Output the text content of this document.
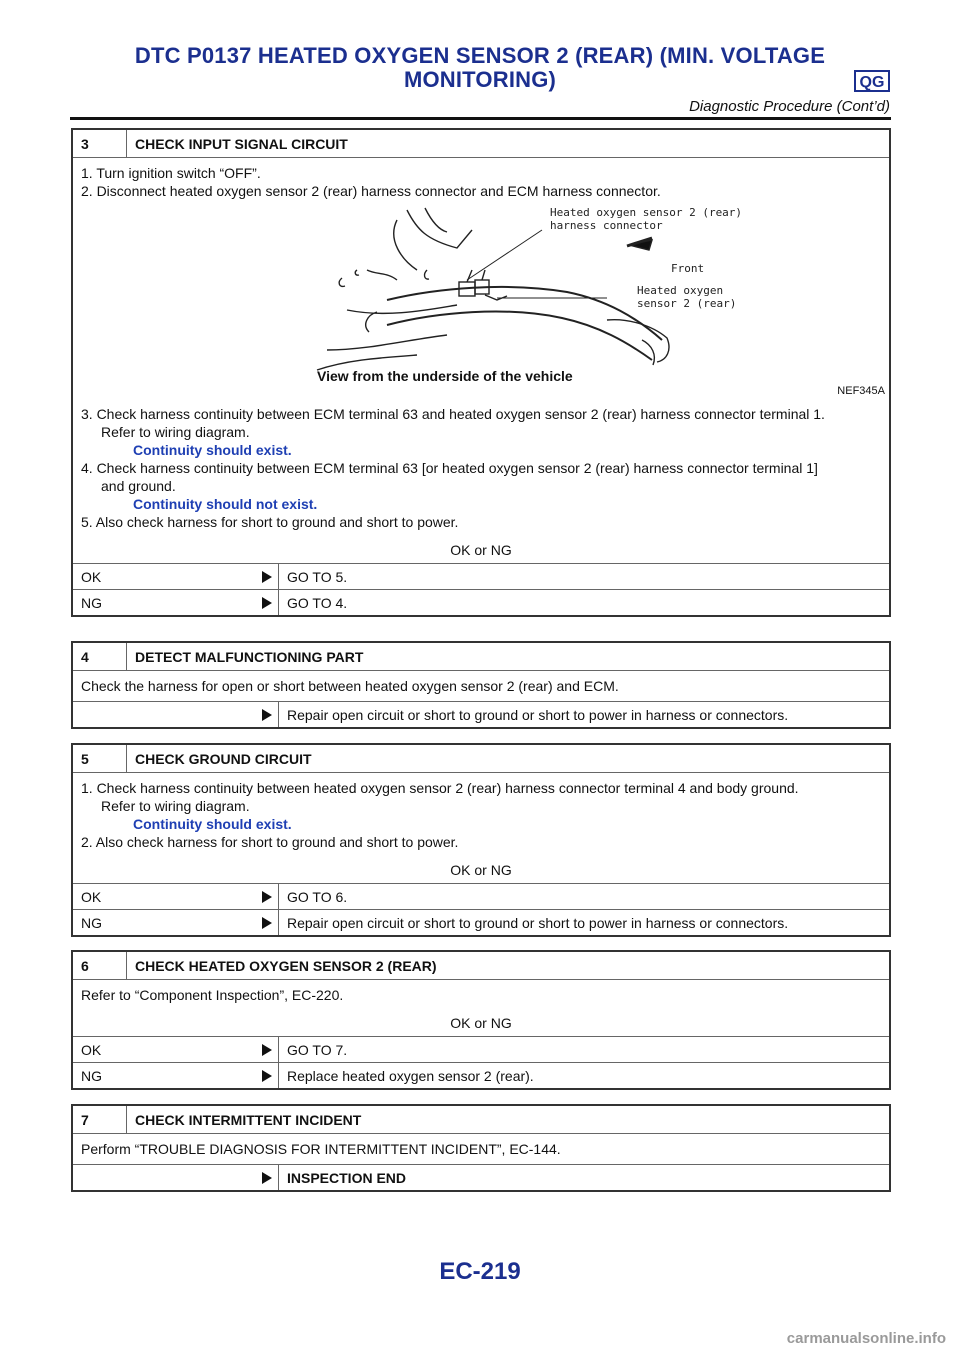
DTC P0137 HEATED OXYGEN SENSOR 2 (REAR) (MIN. VOLTAGE
MONITORING)	QG
Diagnostic Procedure (Cont’d)
3	CHECK INPUT SIGNAL CIRCUIT
1. Turn ignition switch “OFF”.
2. Disconnect heated oxygen sensor 2 (rear) harness connector and ECM harness connector.
Heated oxygen sensor 2 (rear)
harness connector
Front
Heated oxygen
sensor 2 (rear)
View from the underside of the vehicle
NEF345A
3. Check harness continuity between ECM terminal 63 and heated oxygen sensor 2 (rear) harness connector terminal 1.
Refer to wiring diagram.
Continuity should exist.
4. Check harness continuity between ECM terminal 63 [or heated oxygen sensor 2 (rear) harness connector terminal 1]
and ground.
Continuity should not exist.
5. Also check harness for short to ground and short to power.
OK or NG
OK	GO TO 5.
NG	GO TO 4.
4	DETECT MALFUNCTIONING PART
Check the harness for open or short between heated oxygen sensor 2 (rear) and ECM.
Repair open circuit or short to ground or short to power in harness or connectors.
5	CHECK GROUND CIRCUIT
1. Check harness continuity between heated oxygen sensor 2 (rear) harness connector terminal 4 and body ground.
Refer to wiring diagram.
Continuity should exist.
2. Also check harness for short to ground and short to power.
OK or NG
OK	GO TO 6.
NG	Repair open circuit or short to ground or short to power in harness or connectors.
6	CHECK HEATED OXYGEN SENSOR 2 (REAR)
Refer to “Component Inspection”, EC-220.
OK or NG
OK	GO TO 7.
NG	Replace heated oxygen sensor 2 (rear).
7	CHECK INTERMITTENT INCIDENT
Perform “TROUBLE DIAGNOSIS FOR INTERMITTENT INCIDENT”, EC-144.
INSPECTION END
EC-219
carmanualsonline.info
